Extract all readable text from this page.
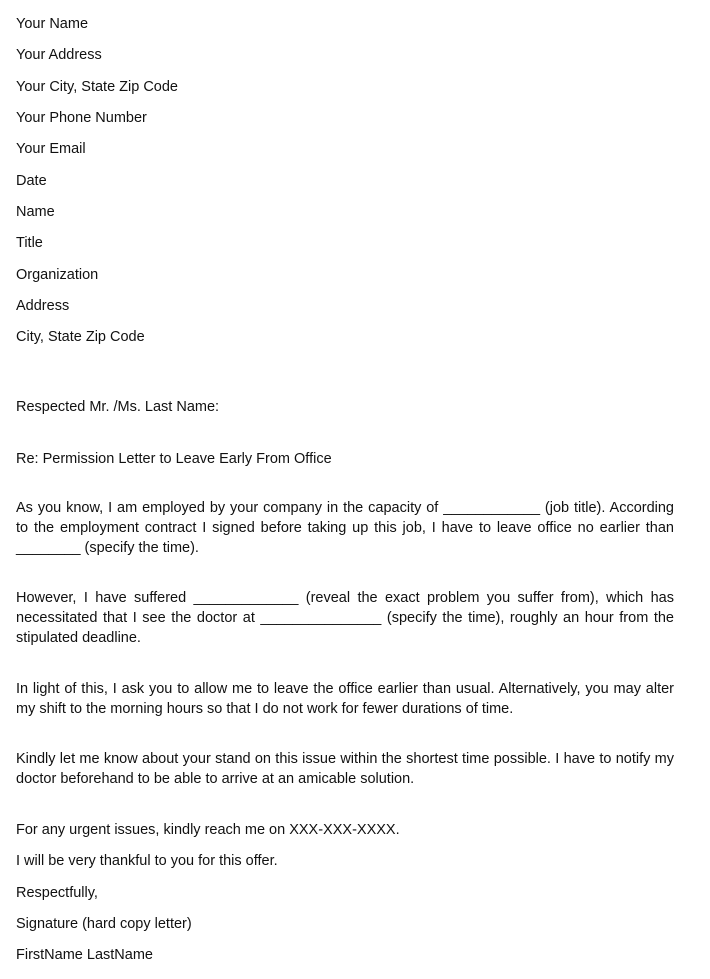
Your Name
Your Address
Your City, State Zip Code
Your Phone Number
Your Email
Date
Name
Title
Organization
Address
City, State Zip Code
Respected Mr. /Ms. Last Name:
Re: Permission Letter to Leave Early From Office
As you know, I am employed by your company in the capacity of ____________ (job title). According to the employment contract I signed before taking up this job, I have to leave office no earlier than ________ (specify the time).
However, I have suffered _____________ (reveal the exact problem you suffer from), which has necessitated that I see the doctor at _______________ (specify the time), roughly an hour from the stipulated deadline.
In light of this, I ask you to allow me to leave the office earlier than usual. Alternatively, you may alter my shift to the morning hours so that I do not work for fewer durations of time.
Kindly let me know about your stand on this issue within the shortest time possible. I have to notify my doctor beforehand to be able to arrive at an amicable solution.
For any urgent issues, kindly reach me on XXX-XXX-XXXX.
I will be very thankful to you for this offer.
Respectfully,
Signature (hard copy letter)
FirstName LastName
